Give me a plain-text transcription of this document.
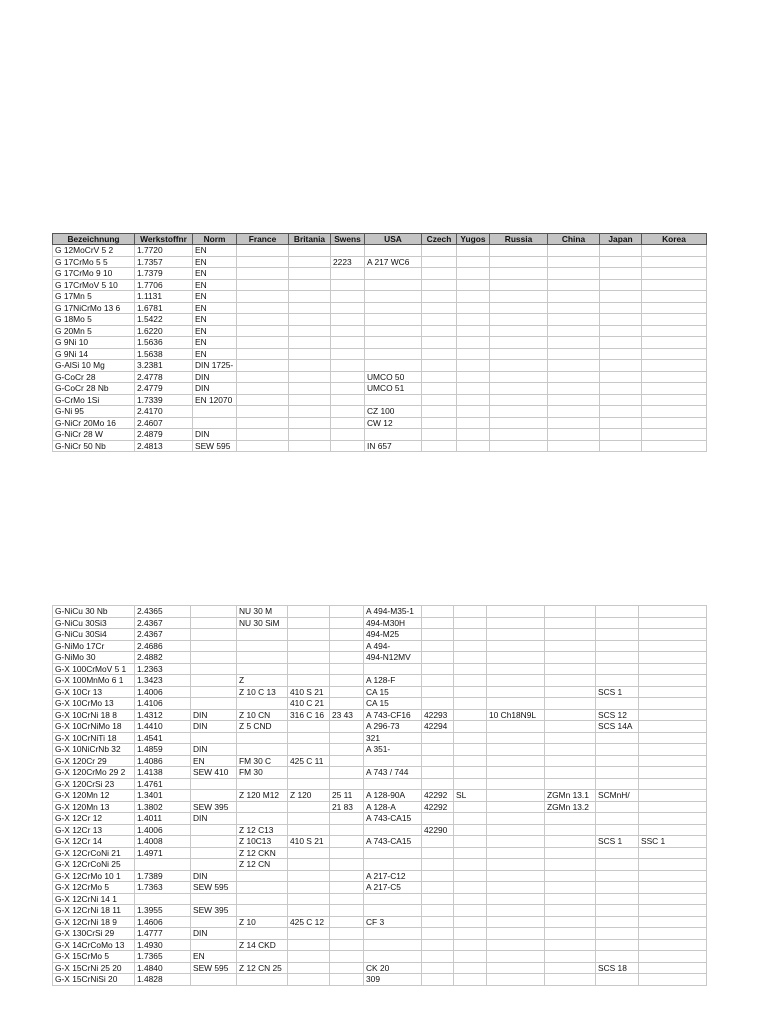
Bezeichnung	Werkstoffnr	Norm	France	Britania	Swens	USA	Czech	Yugos	Russia	China	Japan	Korea
G 12MoCrV 5 2	1.7720	EN										
G 17CrMo 5 5	1.7357	EN			2223	A 217 WC6						
G 17CrMo 9 10	1.7379	EN										
G 17CrMoV 5 10	1.7706	EN										
G 17Mn 5	1.1131	EN										
G 17NiCrMo 13 6	1.6781	EN										
G 18Mo 5	1.5422	EN										
G 20Mn 5	1.6220	EN										
G 9Ni 10	1.5636	EN										
G 9Ni 14	1.5638	EN										
G-AlSi 10 Mg	3.2381	DIN 1725-										
G-CoCr 28	2.4778	DIN				UMCO 50						
G-CoCr 28 Nb	2.4779	DIN				UMCO 51						
G-CrMo 1Si	1.7339	EN 12070										
G-Ni 95	2.4170					CZ 100						
G-NiCr 20Mo 16	2.4607					CW 12						
G-NiCr 28 W	2.4879	DIN										
G-NiCr 50 Nb	2.4813	SEW 595				IN 657						
G-NiCu 30 Nb	2.4365		NU 30 M			A 494-M35-1						
G-NiCu 30Si3	2.4367		NU 30 SiM			494-M30H						
G-NiCu 30Si4	2.4367					494-M25						
G-NiMo 17Cr	2.4686					A 494-						
G-NiMo 30	2.4882					494-N12MV						
G-X 100CrMoV 5 1	1.2363											
G-X 100MnMo 6 1	1.3423		Z			A 128-F						
G-X 10Cr 13	1.4006		Z 10 C 13	410 S 21		CA 15					SCS 1	
G-X 10CrMo 13	1.4106			410 C 21		CA 15						
G-X 10CrNi 18 8	1.4312	DIN	Z 10 CN	316 C 16	23 43	A 743-CF16	42293		10 Ch18N9L		SCS 12	
G-X 10CrNiMo 18	1.4410	DIN	Z 5 CND			A 296-73	42294				SCS 14A	
G-X 10CrNiTi 18	1.4541					321						
G-X 10NiCrNb 32	1.4859	DIN				A 351-						
G-X 120Cr 29	1.4086	EN	FM 30 C	425 C 11								
G-X 120CrMo 29 2	1.4138	SEW 410	FM 30			A 743 / 744						
G-X 120CrSi 23	1.4761											
G-X 120Mn 12	1.3401		Z 120 M12	Z 120	25 11	A 128-90A	42292	SL		ZGMn 13.1	SCMnH/	
G-X 120Mn 13	1.3802	SEW 395			21 83	A 128-A	42292			ZGMn 13.2		
G-X 12Cr 12	1.4011	DIN				A 743-CA15						
G-X 12Cr 13	1.4006		Z 12 C13				42290					
G-X 12Cr 14	1.4008		Z 10C13	410 S 21		A 743-CA15					SCS 1	SSC 1
G-X 12CrCoNi 21	1.4971		Z 12 CKN									
G-X 12CrCoNi 25			Z 12 CN									
G-X 12CrMo 10 1	1.7389	DIN				A 217-C12						
G-X 12CrMo 5	1.7363	SEW 595				A 217-C5						
G-X 12CrNi 14 1												
G-X 12CrNi 18 11	1.3955	SEW 395										
G-X 12CrNi 18 9	1.4606		Z 10	425 C 12		CF 3						
G-X 130CrSi 29	1.4777	DIN										
G-X 14CrCoMo 13	1.4930		Z 14 CKD									
G-X 15CrMo 5	1.7365	EN										
G-X 15CrNi 25 20	1.4840	SEW 595	Z 12 CN 25			CK 20					SCS 18	
G-X 15CrNiSi 20	1.4828					309						
